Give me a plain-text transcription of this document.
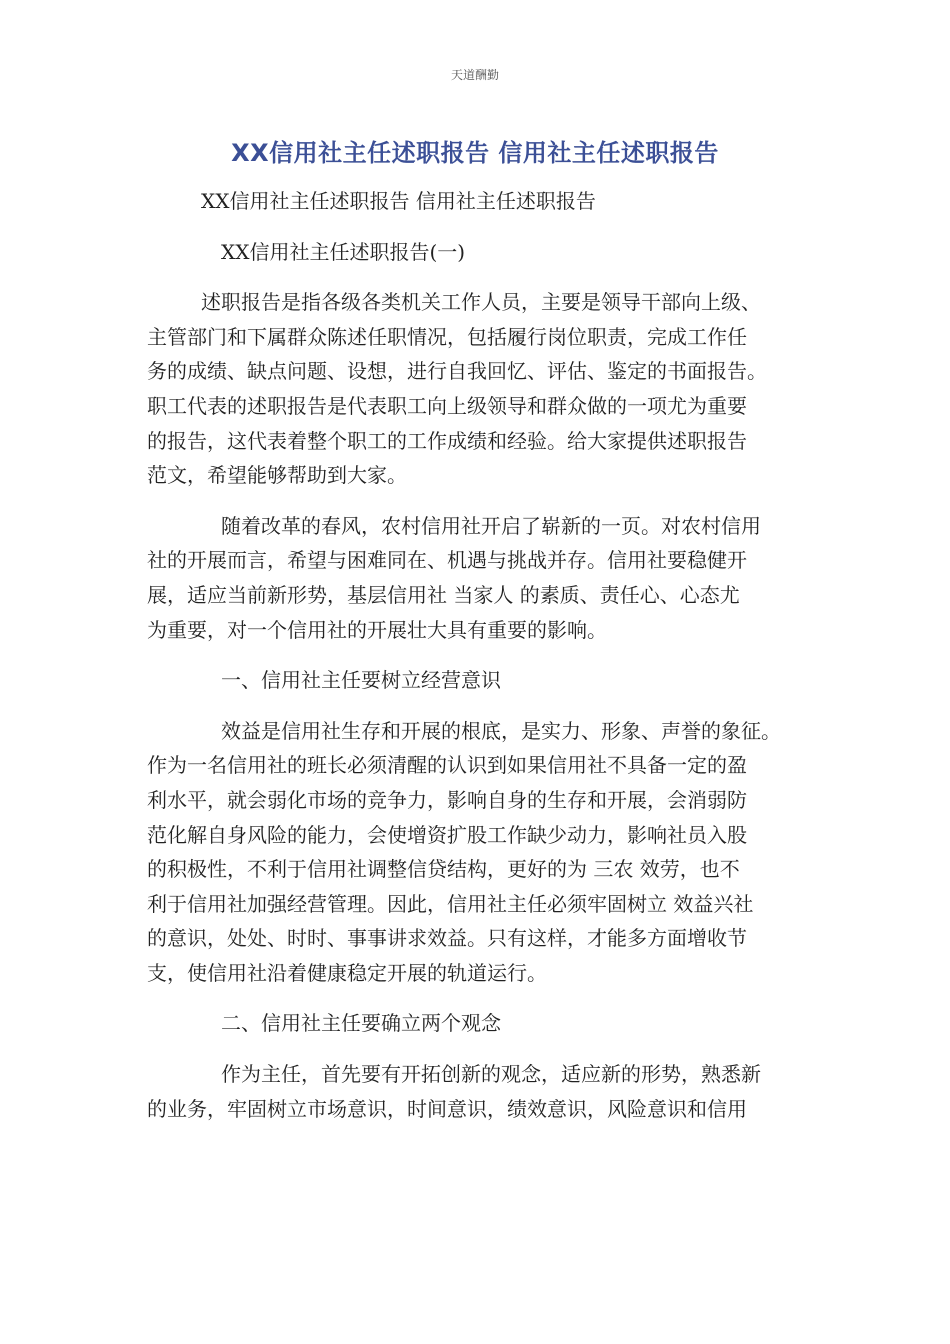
天道酬勤
XX信用社主任述职报告 信用社主任述职报告
XX信用社主任述职报告 信用社主任述职报告
XX信用社主任述职报告(一)
述职报告是指各级各类机关工作人员，主要是领导干部向上级、
主管部门和下属群众陈述任职情况，包括履行岗位职责，完成工作任
务的成绩、缺点问题、设想，进行自我回忆、评估、鉴定的书面报告。
职工代表的述职报告是代表职工向上级领导和群众做的一项尤为重要
的报告，这代表着整个职工的工作成绩和经验。给大家提供述职报告
范文，希望能够帮助到大家。
随着改革的春风，农村信用社开启了崭新的一页。对农村信用
社的开展而言，希望与困难同在、机遇与挑战并存。信用社要稳健开
展，适应当前新形势，基层信用社 当家人 的素质、责任心、心态尤
为重要，对一个信用社的开展壮大具有重要的影响。
一、信用社主任要树立经营意识
效益是信用社生存和开展的根底，是实力、形象、声誉的象征。
作为一名信用社的班长必须清醒的认识到如果信用社不具备一定的盈
利水平，就会弱化市场的竞争力，影响自身的生存和开展，会消弱防
范化解自身风险的能力，会使增资扩股工作缺少动力，影响社员入股
的积极性，不利于信用社调整信贷结构，更好的为 三农 效劳，也不
利于信用社加强经营管理。因此，信用社主任必须牢固树立 效益兴社
的意识，处处、时时、事事讲求效益。只有这样，才能多方面增收节
支，使信用社沿着健康稳定开展的轨道运行。
二、信用社主任要确立两个观念
作为主任，首先要有开拓创新的观念，适应新的形势，熟悉新
的业务，牢固树立市场意识，时间意识，绩效意识，风险意识和信用
